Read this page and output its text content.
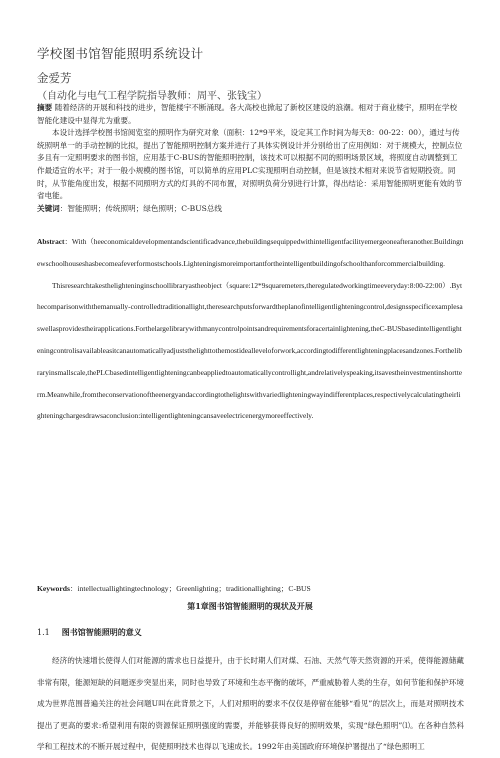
学校图书馆智能照明系统设计
金爱芳
（自动化与电气工程学院指导教师：周平、张钱宝）

摘要 随着经济的开展和科技的进步，智能楼宇不断涌现。各大高校也掀起了新校区建设的浪潮。相对于商业楼宇，照明在学校智能化建设中显得尤为重要。

本设计选择学校图书馆阅览室的照明作为研究对象（面积：12*9平米，设定其工作时间为每天8：00-22：00），通过与传统照明单一的手动控制的比拟，提出了智能照明控制方案并进行了具体实例设计并分别给出了应用例如：对于规模大，控制点位多且有一定照明要求的图书馆，应用基于C-BUS的智能照明控制，该技术可以根据不同的照明场景区域，将照度自动调整到工作最适宜的水平；对于一般小规模的图书馆，可以简单的应用PLC实现照明自动控制，但是该技术相对来说节省短期投资。同时，从节能角度出发，根据不同照明方式的灯具的不同布置，对照明负荷分别进行计算，得出结论：采用智能照明更能有效的节省电能。

关键词：智能照明；传统照明；绿色照明；C-BUS总线

Abstract：With（heeconomicaldevelopmentandscientificadvance,thebuildingsequippedwithintelligentfacilityemergeoneafteranother.Buildingnewschoolhouseshasbecomeafeverformostschools.Lighteningismoreimportantfortheintelligentbuildingofschoolthanforcommercialbuilding.

Thisresearchtakesthelighteninginschoollibraryastheobject（square:12*9squaremeters,theregulatedworkingtimeeveryday:8:00-22:00）.Bythecomparisonwiththemanually-controlledtraditionallight,theresearchputsforwardtheplanofintelligentlighteningcontrol,designsspecificexamplesaswellasprovidestheirapplications.Forthelargelibrarywithmanycontrolpointsandrequirementsforacertainlightening,theC-BUSbasedintelligentlighteningcontrolisavailableasitcanautomaticallyadjuststhelighttothemostidealleveloforwork,accordingtodifferentlighteningplacesandzones.Forthelibraryinsmallscale,thePLCbasedintelligentlighteningcanbeappliedtoautomaticallycontrollight,andrelativelyspeaking,itsavestheinvestmentinshortterm.Meanwhile,fromtheconservationoftheenergyandaccordingtothelightswithvariedlighteningwayindifferentplaces,respectivelycalculatingtheirlighteningchargesdrawsaconclusion:intelligentlighteningcansaveelectricenergymoreeffectively.

Keywords：intellectuallightingtechnology；Greenlighting；traditionallighting；C-BUS
第1章图书馆智能照明的现状及开展
1.1 图书馆智能照明的意义
经济的快速增长使得人们对能源的需求也日益提升，由于长时期人们对煤、石油、天然气等天然资源的开采，使得能源储藏非常有限，能源短缺的问题逐步突显出来，同时也导致了环境和生态平衡的破坏，严重威胁着人类的生存，如何节能和保护环境成为世界范围普遍关注的社会问题U叫在此背景之下，人们对照明的要求不仅仅是停留在能够“看见”的层次上，而是对照明技术提出了更高的要求:希望利用有限的资源保证照明强度的需要，并能够获得良好的照明效果，实现“绿色照明”⑴。在各种自然科学和工程技术的不断开展过程中，促使照明技术也得以飞速成长。1992年由美国政府环境保护署提出了“绿色照明工
